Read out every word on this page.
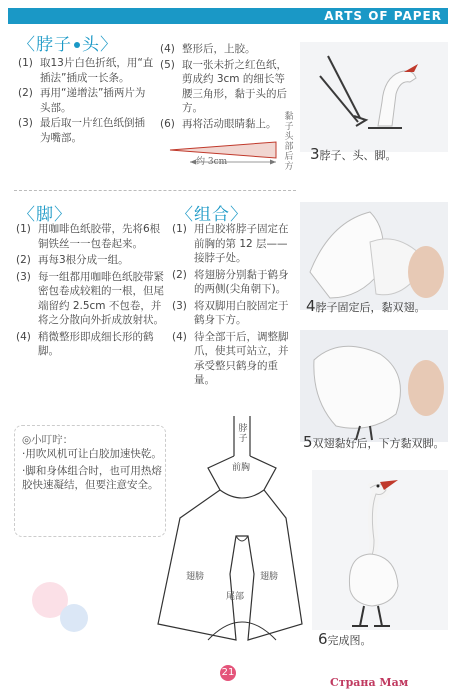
ARTS OF PAPER
〈脖子 头〉
(1) 取13片白色折纸，用“直插法”插成一长条。
(2) 再用“递增法”插两片为头部。
(3) 最后取一片红色纸倒插为嘴部。
(4) 整形后，上胶。
(5) 取一张未折之红色纸，剪成约 3cm 的细长等腰三角形，黏于头的后方。
(6) 再将活动眼睛黏上。
约 3cm
黏子头部后方
3脖子、头、脚。
〈脚〉
(1) 用咖啡色纸胶带，先将6根铜铁丝一一包卷起来。
(2) 再每3根分成一组。
(3) 每一组都用咖啡色纸胶带紧密包卷成较粗的一根，但尾端留约 2.5cm 不包卷，并将之分散向外折成放射状。
(4) 稍微整形即成细长形的鹤脚。
〈组合〉
(1) 用白胶将脖子固定在前胸的第 12 层——接脖子处。
(2) 将翅膀分别黏于鹤身的两侧(尖角朝下)。
(3) 将双脚用白胶固定于鹤身下方。
(4) 待全部干后，调整脚爪，使其可站立，并承受整只鹤身的重量。
4脖子固定后，黏双翅。
5双翅黏好后，下方黏双脚。
◎小叮咛：
·用吹风机可让白胶加速快乾。
·脚和身体组合时，也可用热熔胶快速凝结，但要注意安全。
脖子
前胸
翅膀	翅膀
尾部
6完成图。
21
Страна Мам
